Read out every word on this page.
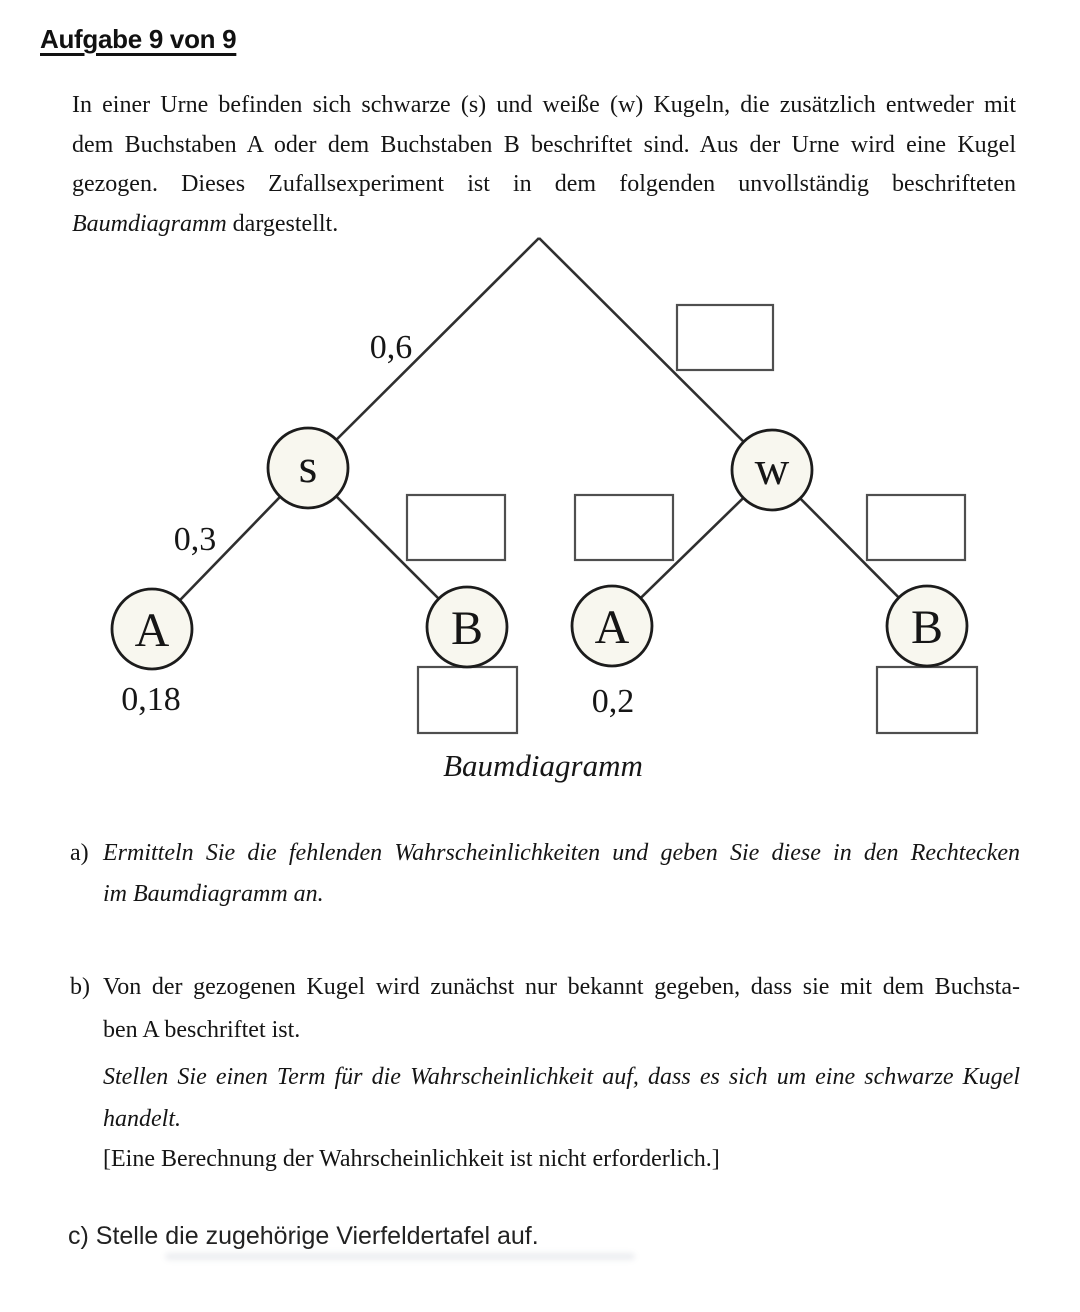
Aufgabe 9 von 9
In einer Urne befinden sich schwarze (s) und weiße (w) Kugeln, die zusätzlich entweder mit
dem Buchstaben A oder dem Buchstaben B beschriftet sind. Aus der Urne wird eine Kugel
gezogen. Dieses Zufallsexperiment ist in dem folgenden unvollständig beschrifteten
Baumdiagramm dargestellt.
s	w
A	B A	B
0,6
0,3
0,18	0,2
Baumdiagramm
a) Ermitteln Sie die fehlenden Wahrscheinlichkeiten und geben Sie diese in den Rechtecken
im Baumdiagramm an.
b) Von der gezogenen Kugel wird zunächst nur bekannt gegeben, dass sie mit dem Buchsta-
ben A beschriftet ist.
Stellen Sie einen Term für die Wahrscheinlichkeit auf, dass es sich um eine schwarze Kugel
handelt.
[Eine Berechnung der Wahrscheinlichkeit ist nicht erforderlich.]
c) Stelle die zugehörige Vierfeldertafel auf.
